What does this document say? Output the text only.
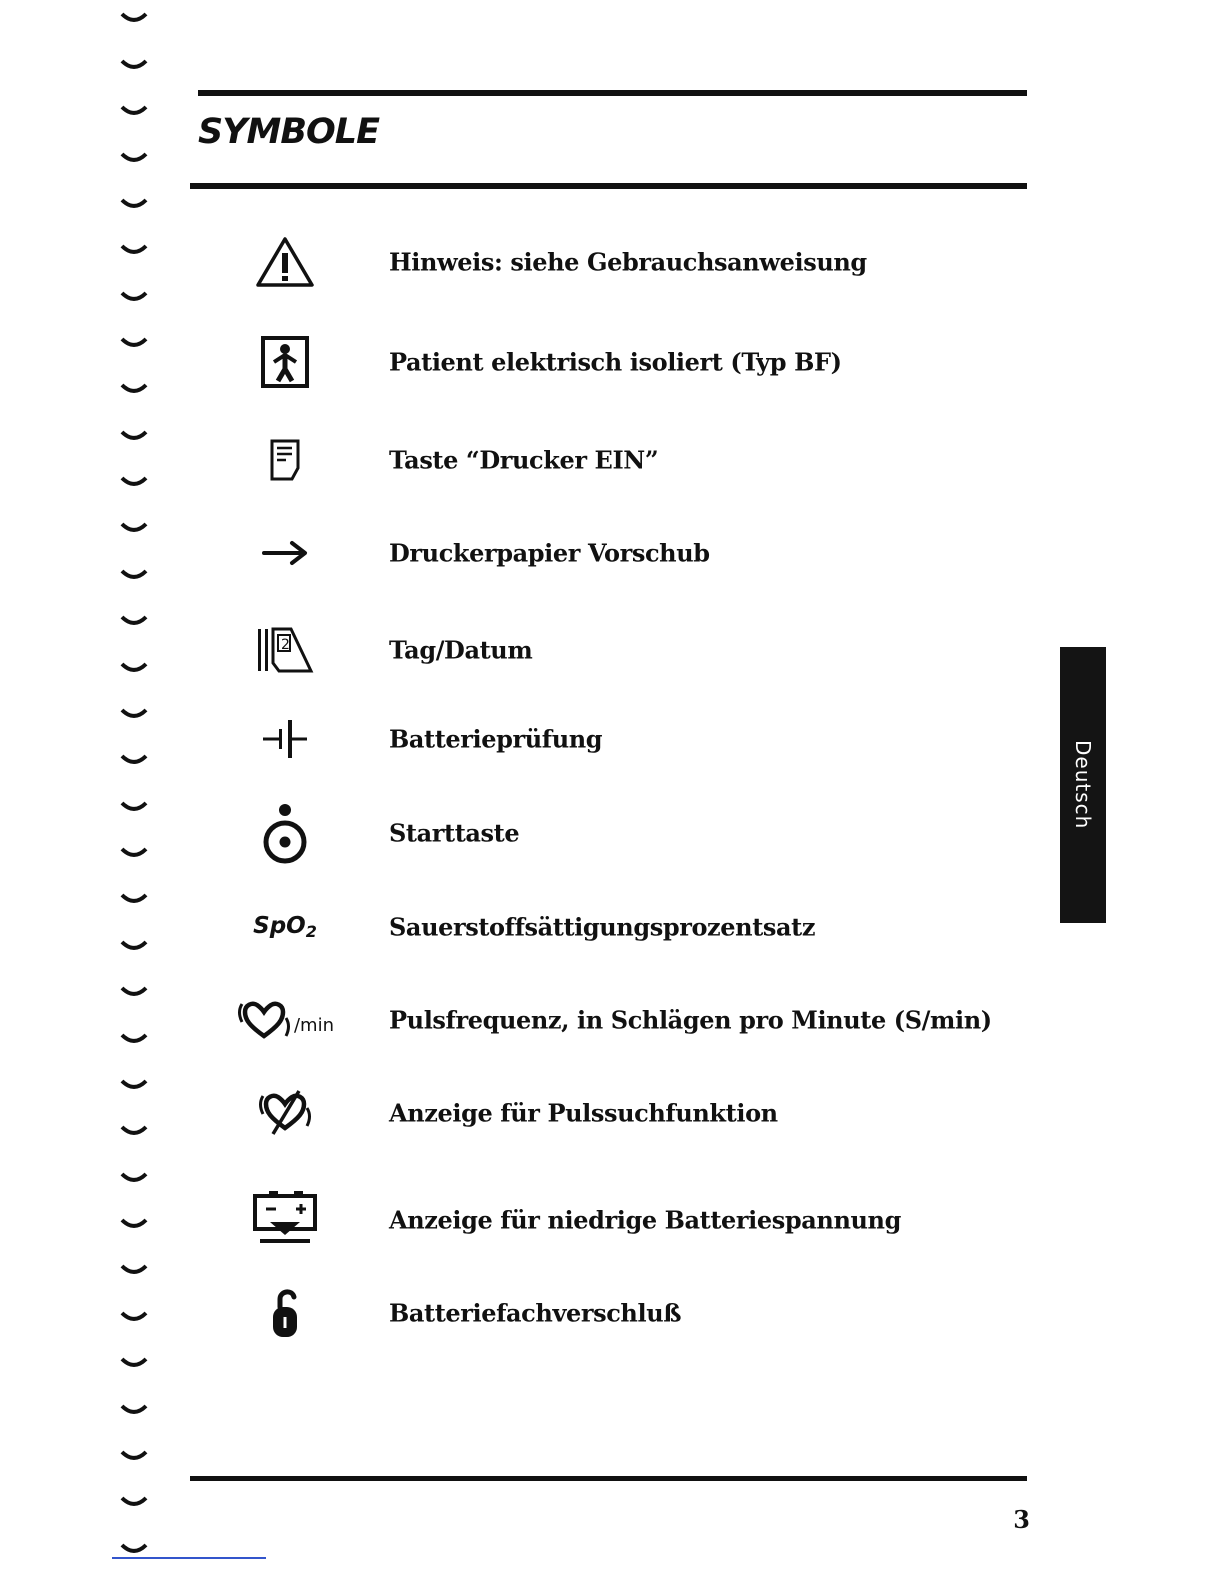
SYMBOLE
Hinweis: siehe Gebrauchsanweisung
Patient elektrisch isoliert (Typ BF)
Taste “Drucker EIN”
Druckerpapier Vorschub
2	Tag/Datum
Batterieprüfung
Starttaste
SpO$_2$	Sauerstoffsättigungsprozentsatz
/min Pulsfrequenz, in Schlägen pro Minute (S/min)
Anzeige für Pulssuchfunktion
Anzeige für niedrige Batteriespannung
Batteriefachverschluß
Deutsch
3
